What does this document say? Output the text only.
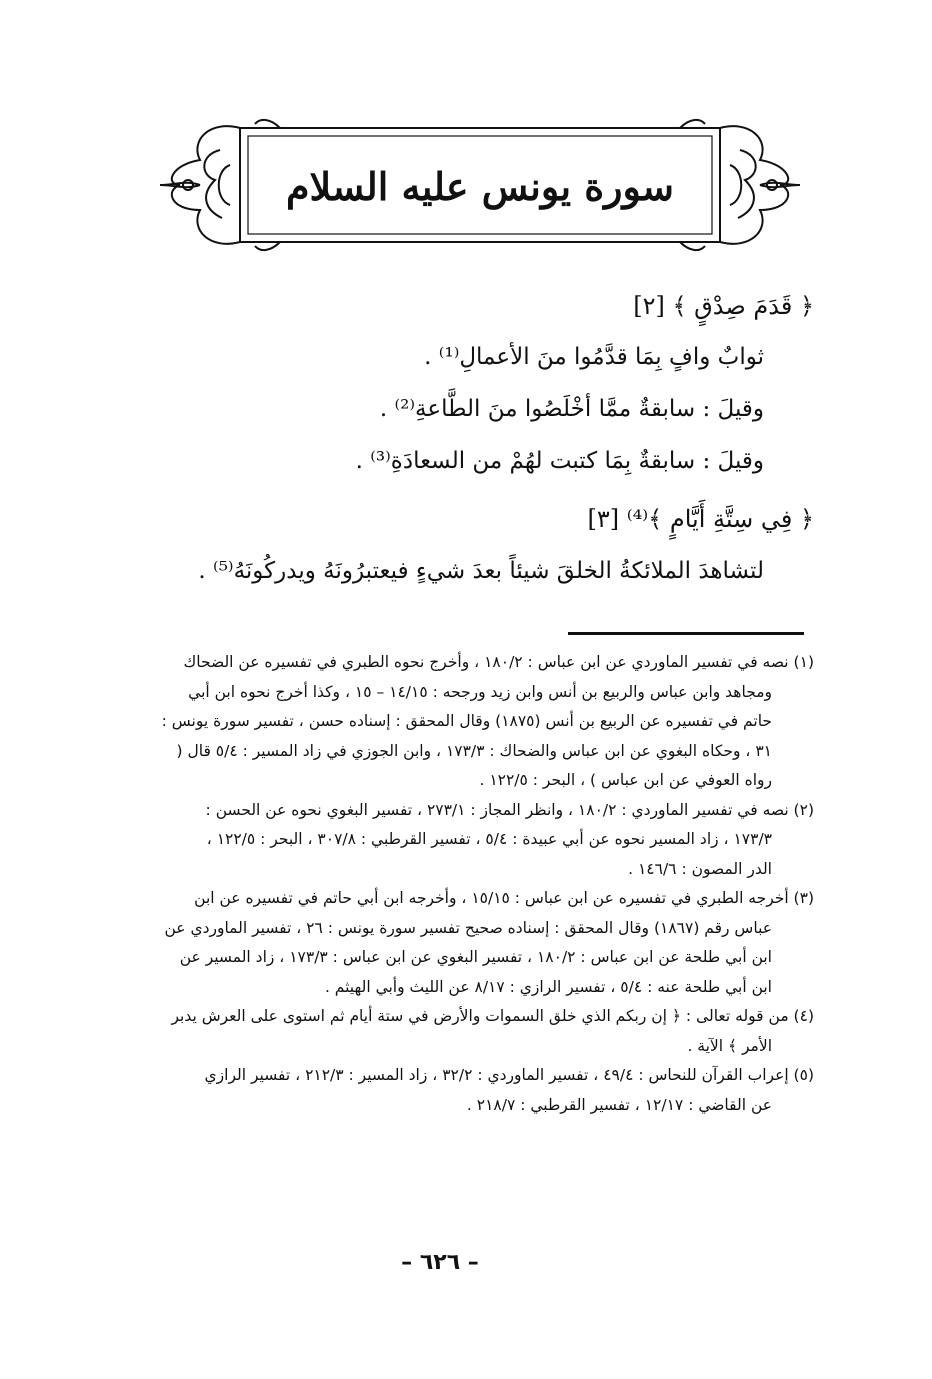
سورة يونس عليه السلام
﴿ قَدَمَ صِدْقٍ ﴾ [٢]
ثوابٌ وافٍ بِمَا قدَّمُوا منَ الأعمالِ⁽¹⁾ .
وقيلَ : سابقةٌ ممَّا أخْلَصُوا منَ الطَّاعةِ⁽²⁾ .
وقيلَ : سابقةٌ بِمَا كتبت لهُمْ من السعادَةِ⁽³⁾ .
﴿ فِي سِتَّةِ أَيَّامٍ ﴾⁽⁴⁾ [٣]
لتشاهدَ الملائكةُ الخلقَ شيئاً بعدَ شيءٍ فيعتبرُونَهُ ويدركُونَهُ⁽⁵⁾ .
(١) نصه في تفسير الماوردي عن ابن عباس : ١٨٠/٢ ، وأخرج نحوه الطبري في تفسيره عن الضحاك
ومجاهد وابن عباس والربيع بن أنس وابن زيد ورجحه : ١٤/١٥ – ١٥ ، وكذا أخرج نحوه ابن أبي
حاتم في تفسيره عن الربيع بن أنس (١٨٧٥) وقال المحقق : إسناده حسن ، تفسير سورة يونس :
٣١ ، وحكاه البغوي عن ابن عباس والضحاك : ١٧٣/٣ ، وابن الجوزي في زاد المسير : ٥/٤ قال (
رواه العوفي عن ابن عباس ) ، البحر : ١٢٢/٥ .
(٢) نصه في تفسير الماوردي : ١٨٠/٢ ، وانظر المجاز : ٢٧٣/١ ، تفسير البغوي نحوه عن الحسن :
١٧٣/٣ ، زاد المسير نحوه عن أبي عبيدة : ٥/٤ ، تفسير القرطبي : ٣٠٧/٨ ، البحر : ١٢٢/٥ ،
الدر المصون : ١٤٦/٦ .
(٣) أخرجه الطبري في تفسيره عن ابن عباس : ١٥/١٥ ، وأخرجه ابن أبي حاتم في تفسيره عن ابن
عباس رقم (١٨٦٧) وقال المحقق : إسناده صحيح تفسير سورة يونس : ٢٦ ، تفسير الماوردي عن
ابن أبي طلحة عن ابن عباس : ١٨٠/٢ ، تفسير البغوي عن ابن عباس : ١٧٣/٣ ، زاد المسير عن
ابن أبي طلحة عنه : ٥/٤ ، تفسير الرازي : ٨/١٧ عن الليث وأبي الهيثم .
(٤) من قوله تعالى : ﴿ إن ربكم الذي خلق السموات والأرض في ستة أيام ثم استوى على العرش يدبر
الأمر ﴾ الآية .
(٥) إعراب القرآن للنحاس : ٤٩/٤ ، تفسير الماوردي : ٣٢/٢ ، زاد المسير : ٢١٢/٣ ، تفسير الرازي
عن القاضي : ١٢/١٧ ، تفسير القرطبي : ٢١٨/٧ .
– ٦٢٦ –
